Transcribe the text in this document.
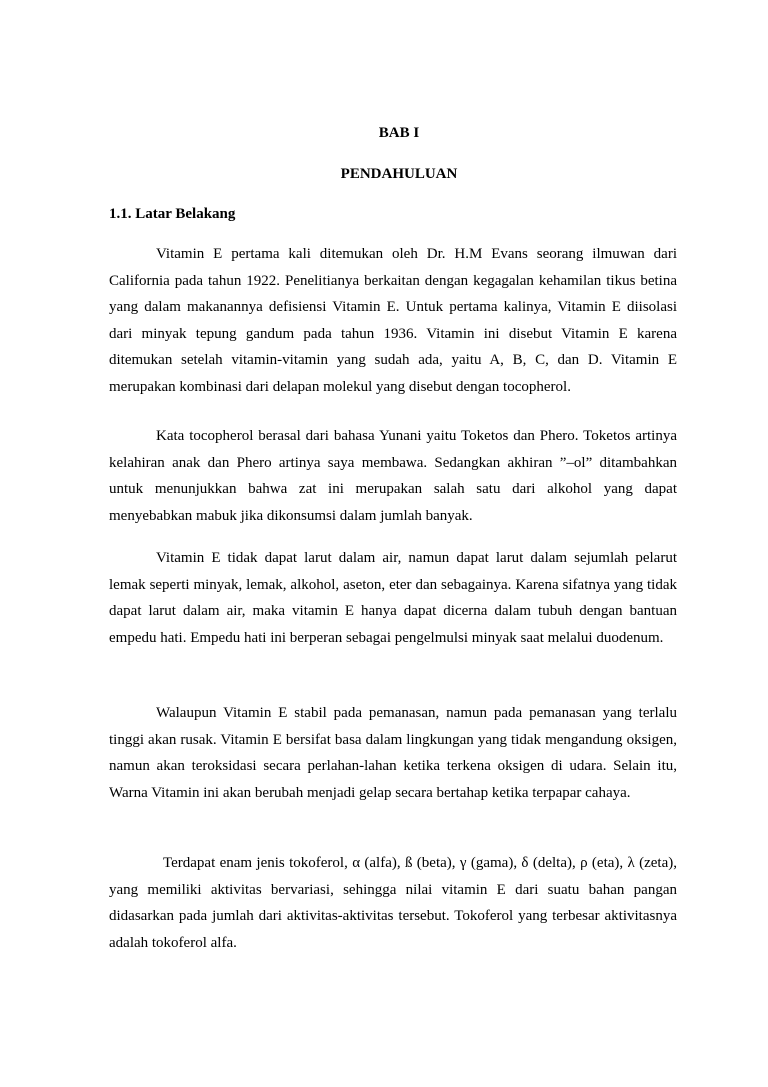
BAB I
PENDAHULUAN
1.1. Latar Belakang

Vitamin E pertama kali ditemukan oleh Dr. H.M Evans seorang ilmuwan dari California pada tahun 1922. Penelitianya berkaitan dengan kegagalan kehamilan tikus betina yang dalam makanannya defisiensi Vitamin E. Untuk pertama kalinya, Vitamin E diisolasi dari minyak tepung gandum pada tahun 1936. Vitamin ini disebut Vitamin E karena ditemukan setelah vitamin-vitamin yang sudah ada, yaitu A, B, C, dan D. Vitamin E merupakan kombinasi dari delapan molekul yang disebut dengan tocopherol.

Kata tocopherol berasal dari bahasa Yunani yaitu Toketos dan Phero. Toketos artinya kelahiran anak dan Phero artinya saya membawa. Sedangkan akhiran ”–ol” ditambahkan untuk menunjukkan bahwa zat ini merupakan salah satu dari alkohol yang dapat menyebabkan mabuk jika dikonsumsi dalam jumlah banyak.

Vitamin E tidak dapat larut dalam air, namun dapat larut dalam sejumlah pelarut lemak seperti minyak, lemak, alkohol, aseton, eter dan sebagainya. Karena sifatnya yang tidak dapat larut dalam air, maka vitamin E hanya dapat dicerna dalam tubuh dengan bantuan empedu hati. Empedu hati ini berperan sebagai pengelmulsi minyak saat melalui duodenum.

Walaupun Vitamin E stabil pada pemanasan, namun pada pemanasan yang terlalu tinggi akan rusak. Vitamin E bersifat basa dalam lingkungan yang tidak mengandung oksigen, namun akan teroksidasi secara perlahan-lahan ketika terkena oksigen di udara. Selain itu, Warna Vitamin ini akan berubah menjadi gelap secara bertahap ketika terpapar cahaya.

Terdapat enam jenis tokoferol, α (alfa), ß (beta), γ (gama), δ (delta), ρ (eta), λ (zeta), yang memiliki aktivitas bervariasi, sehingga nilai vitamin E dari suatu bahan pangan didasarkan pada jumlah dari aktivitas-aktivitas tersebut. Tokoferol yang terbesar aktivitasnya adalah tokoferol alfa.
